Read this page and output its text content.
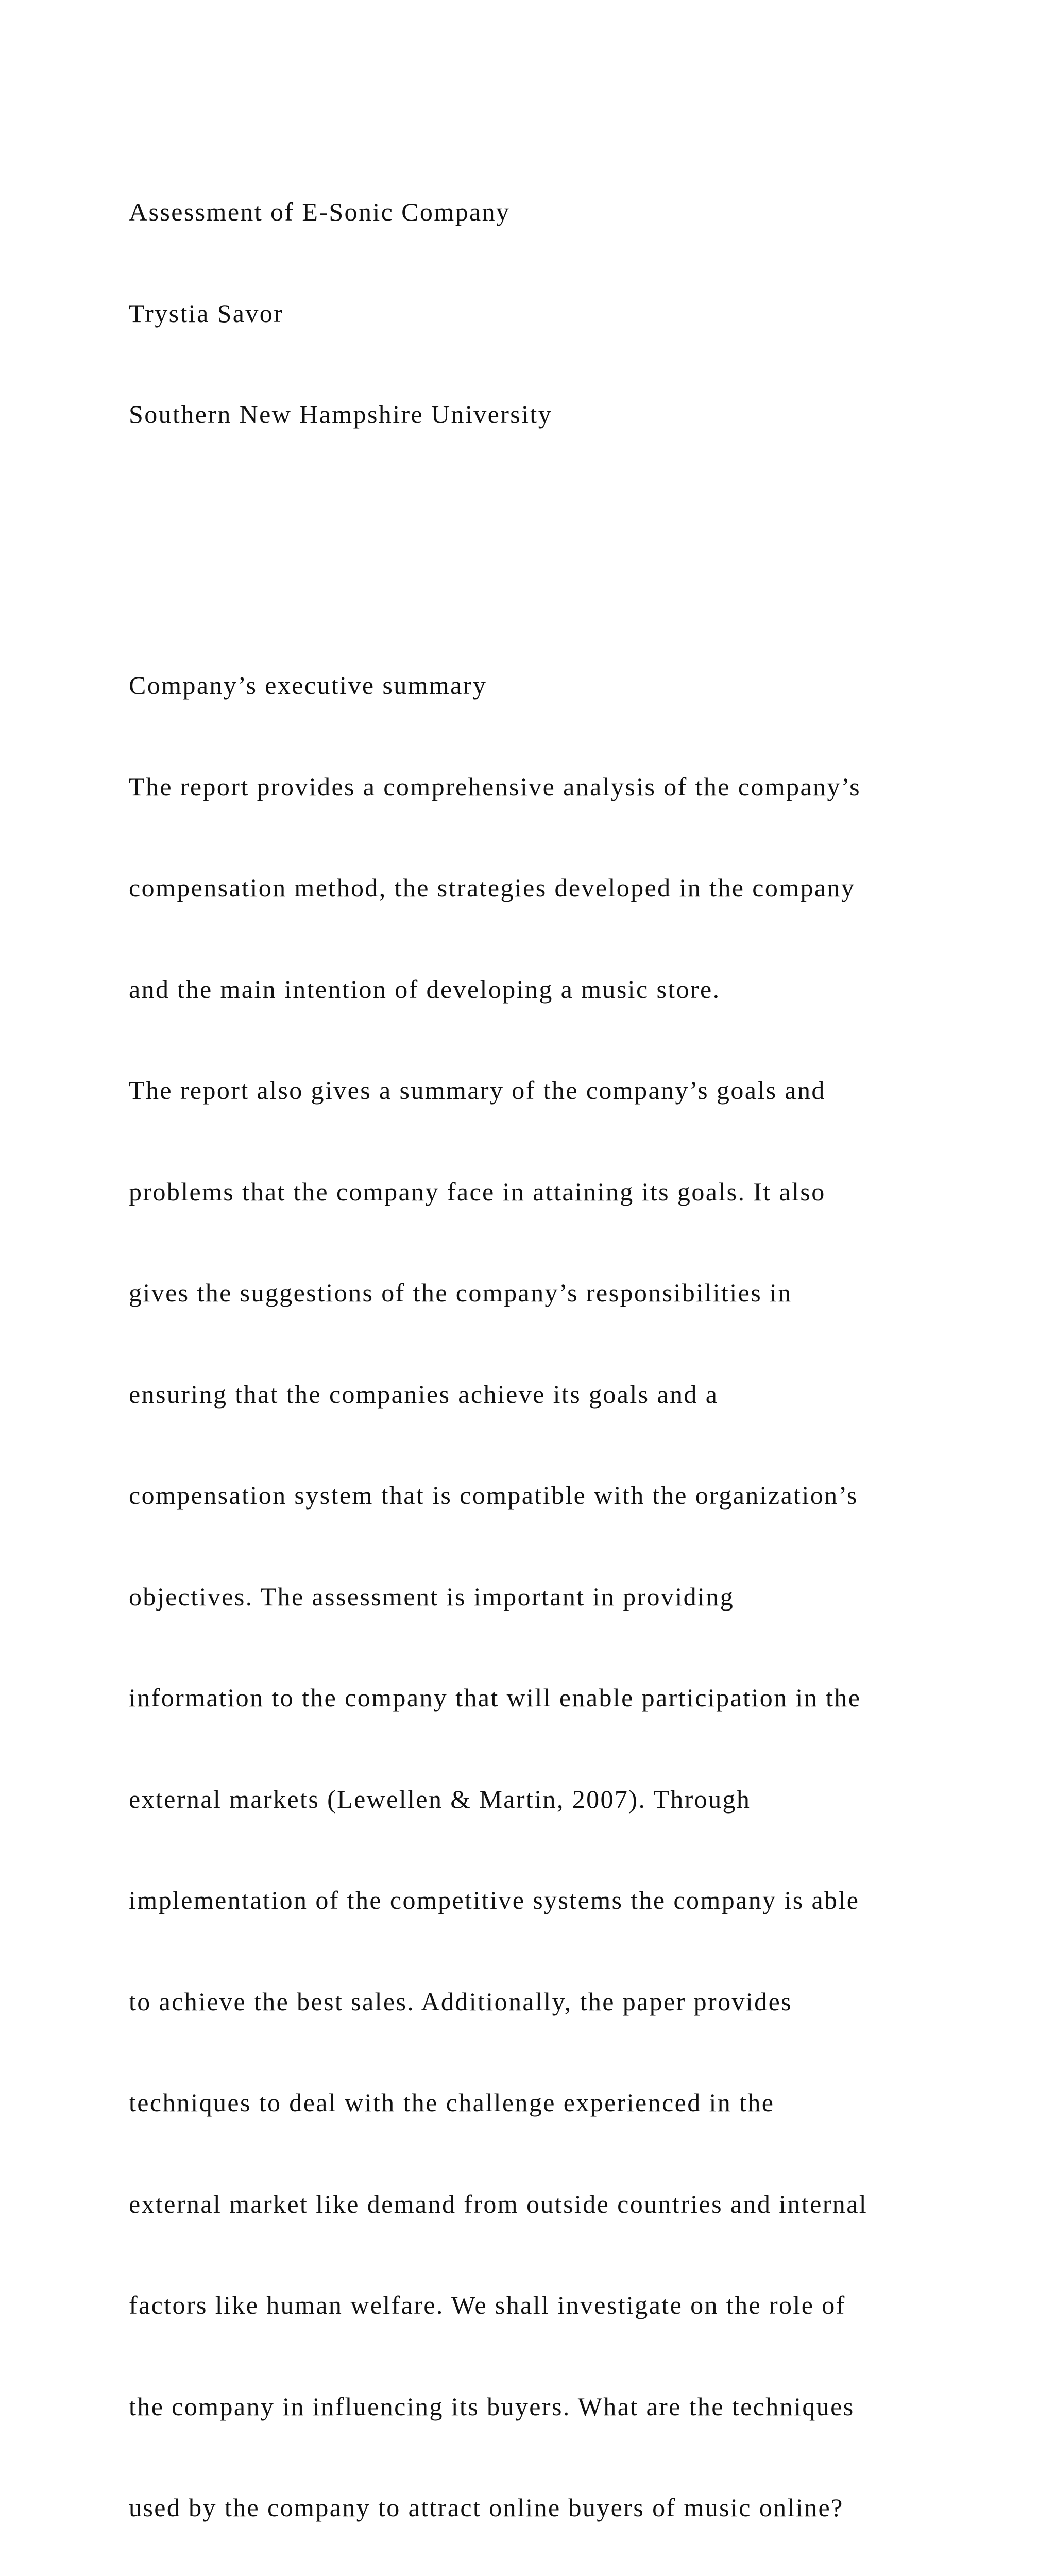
Assessment of E-Sonic Company

Trystia Savor

Southern New Hampshire University

Company’s executive summary

The report provides a comprehensive analysis of the company’s

compensation method, the strategies developed in the company

and the main intention of developing a music store.

The report also gives a summary of the company’s goals and

problems that the company face in attaining its goals. It also

gives the suggestions of the company’s responsibilities in

ensuring that the companies achieve its goals and a

compensation system that is compatible with the organization’s

objectives. The assessment is important in providing

information to the company that will enable participation in the

external markets (Lewellen & Martin, 2007). Through

implementation of the competitive systems the company is able

to achieve the best sales. Additionally, the paper provides

techniques to deal with the challenge experienced in the

external market like demand from outside countries and internal

factors like human welfare. We shall investigate on the role of

the company in influencing its buyers. What are the techniques

used by the company to attract online buyers of music online?
